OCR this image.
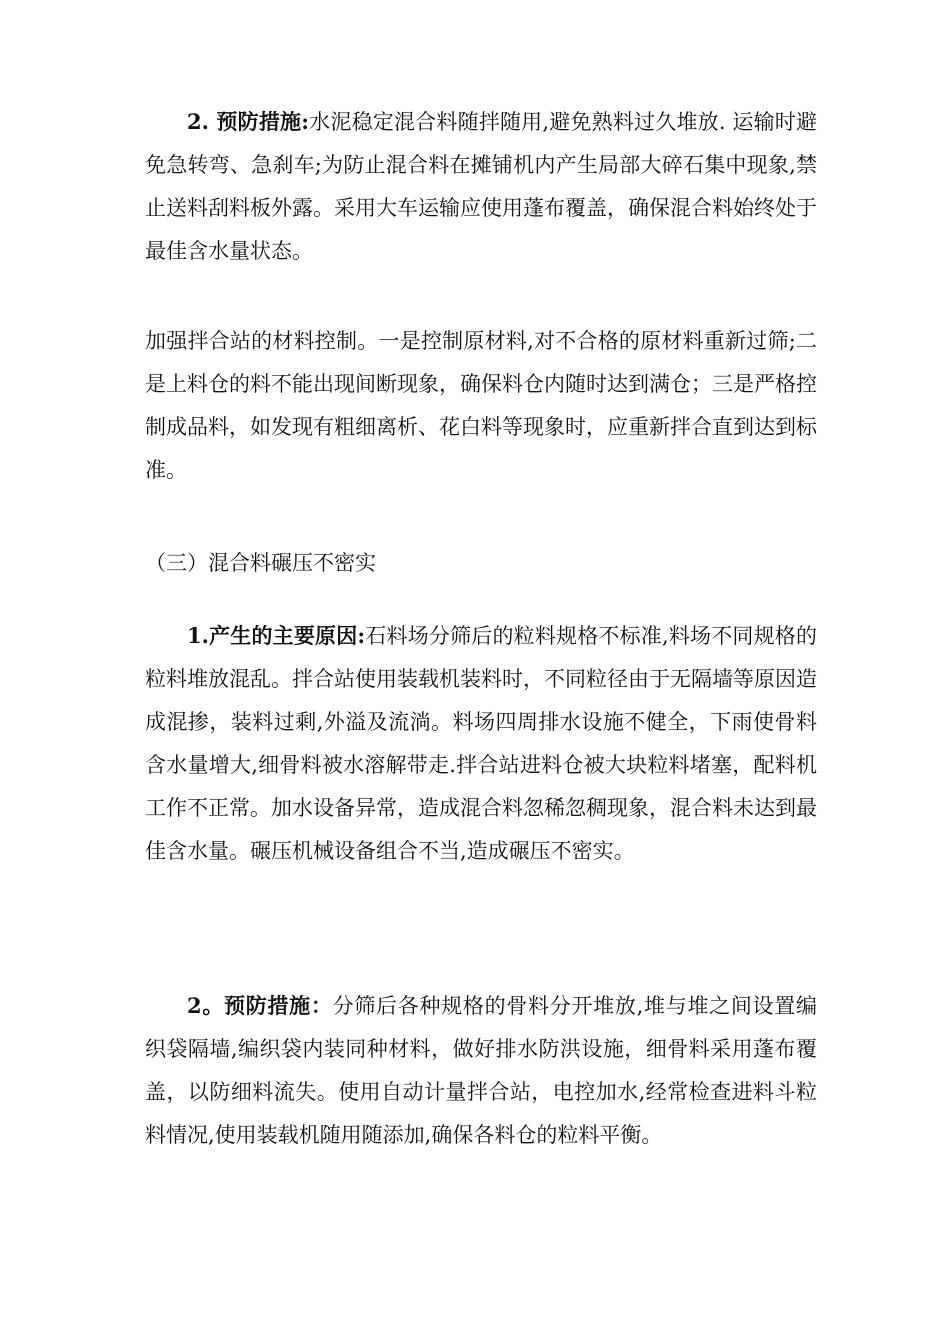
2. 预防措施:水泥稳定混合料随拌随用,避免熟料过久堆放. 运输时避免急转弯、急刹车;为防止混合料在摊铺机内产生局部大碎石集中现象,禁止送料刮料板外露。采用大车运输应使用蓬布覆盖，确保混合料始终处于最佳含水量状态。

加强拌合站的材料控制。一是控制原材料,对不合格的原材料重新过筛;二是上料仓的料不能出现间断现象，确保料仓内随时达到满仓；三是严格控制成品料，如发现有粗细离析、花白料等现象时，应重新拌合直到达到标准。

（三）混合料碾压不密实

1.产生的主要原因:石料场分筛后的粒料规格不标准,料场不同规格的粒料堆放混乱。拌合站使用装载机装料时，不同粒径由于无隔墙等原因造成混掺，装料过剩,外溢及流淌。料场四周排水设施不健全，下雨使骨料含水量增大,细骨料被水溶解带走.拌合站进料仓被大块粒料堵塞，配料机工作不正常。加水设备异常，造成混合料忽稀忽稠现象，混合料未达到最佳含水量。碾压机械设备组合不当,造成碾压不密实。

2。预防措施：分筛后各种规格的骨料分开堆放,堆与堆之间设置编织袋隔墙,编织袋内装同种材料，做好排水防洪设施，细骨料采用蓬布覆盖，以防细料流失。使用自动计量拌合站，电控加水,经常检查进料斗粒料情况,使用装载机随用随添加,确保各料仓的粒料平衡。
